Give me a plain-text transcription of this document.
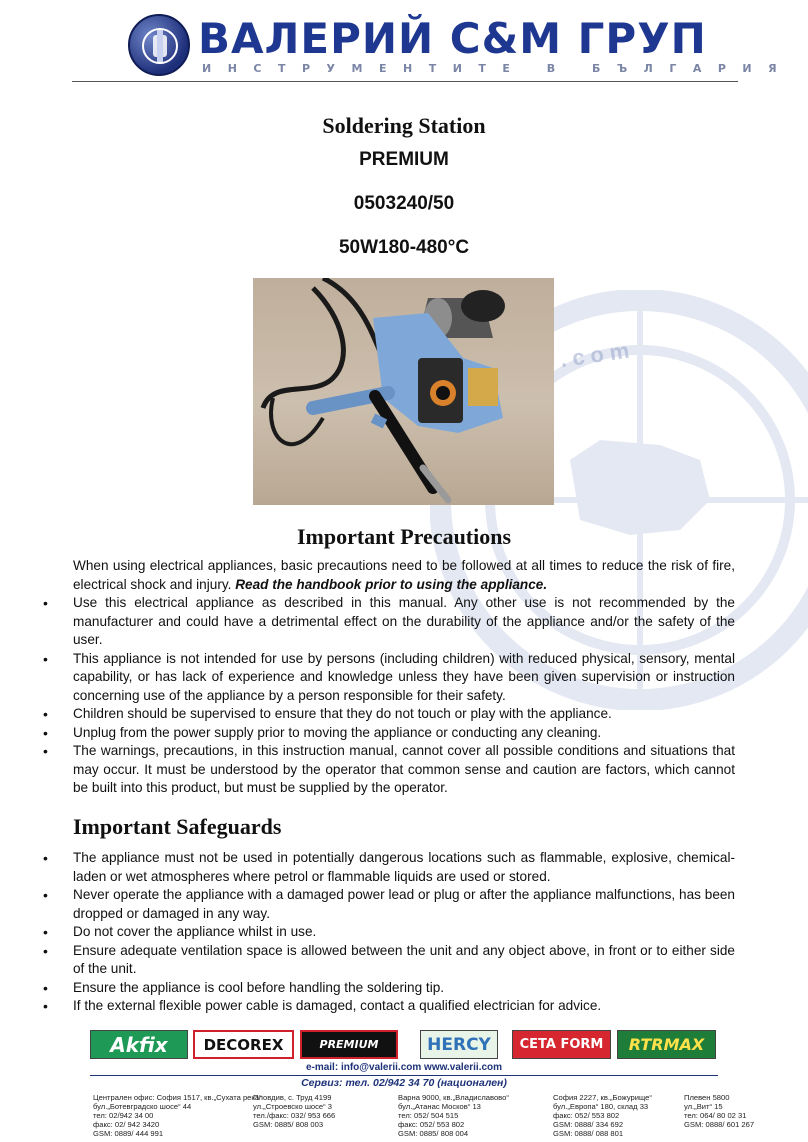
.com
ВАЛЕРИЙ С&М ГРУП
ИНСТРУМЕНТИТЕ В БЪЛГАРИЯ
Soldering Station
PREMIUM
0503240/50
50W180-480°C
Important Precautions
When using electrical appliances, basic precautions need to be followed at all times to reduce the risk of fire, electrical shock and injury. Read the handbook prior to using the appliance.
• Use this electrical appliance as described in this manual. Any other use is not recommended by the manufacturer and could have a detrimental effect on the durability of the appliance and/or the safety of the user.
• This appliance is not intended for use by persons (including children) with reduced physical, sensory, mental capability, or has lack of experience and knowledge unless they have been given supervision or instruction concerning use of the appliance by a person responsible for their safety.
• Children should be supervised to ensure that they do not touch or play with the appliance.
• Unplug from the power supply prior to moving the appliance or conducting any cleaning.
• The warnings, precautions, in this instruction manual, cannot cover all possible conditions and situations that may occur. It must be understood by the operator that common sense and caution are factors, which cannot be built into this product, but must be supplied by the operator.
Important Safeguards
• The appliance must not be used in potentially dangerous locations such as flammable, explosive, chemical-laden or wet atmospheres where petrol or flammable liquids are used or stored.
• Never operate the appliance with a damaged power lead or plug or after the appliance malfunctions, has been dropped or damaged in any way.
• Do not cover the appliance whilst in use.
• Ensure adequate ventilation space is allowed between the unit and any object above, in front or to either side of the unit.
• Ensure the appliance is cool before handling the soldering tip.
• If the external flexible power cable is damaged, contact a qualified electrician for advice.
Akfix	DECOREX	PREMIUM	HERCY	CETA FORM	RTRMAX
e-mail: info@valerii.com www.valerii.com
Сервиз: тел. 02/942 34 70 (национален)
Централен офис: София 1517, кв.„Сухата река“
бул.„Ботевградско шосе“ 44
тел: 02/942 34 00
факс: 02/ 942 3420
GSM: 0889/ 444 991
Пловдив, с. Труд 4199
ул.„Строевско шосе“ 3
тел./факс: 032/ 953 666
GSM: 0885/ 808 003
Варна 9000, кв.„Владиславово“
бул.„Атанас Москов“ 13
тел: 052/ 504 515
факс: 052/ 553 802
GSM: 0885/ 808 004
София 2227, кв.„Божурище“
бул.„Европа“ 180, склад 33
факс: 052/ 553 802
GSM: 0888/ 334 692
GSM: 0888/ 088 801
Плевен 5800
ул.„Вит“ 15
тел: 064/ 80 02 31
GSM: 0888/ 601 267
